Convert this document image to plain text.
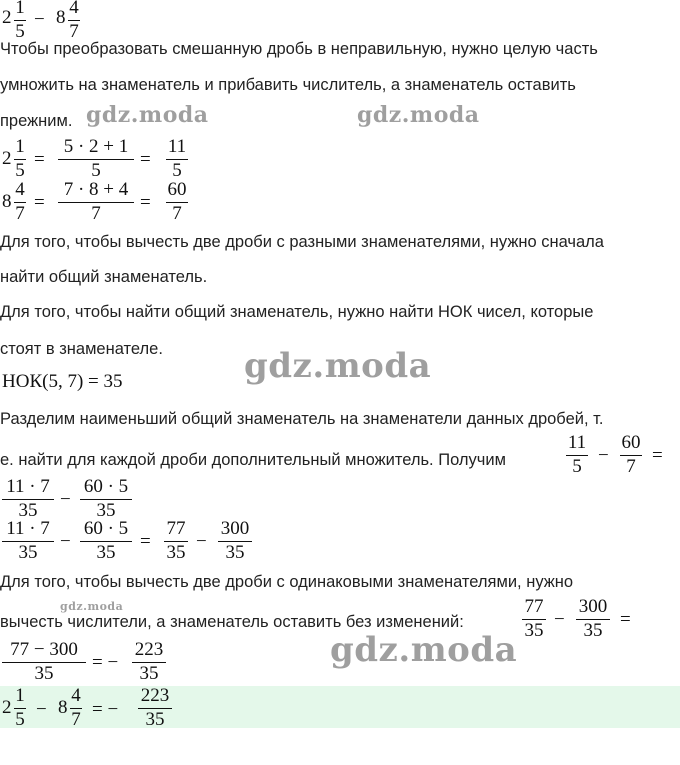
2 1
5
− 8 4
7
Чтобы преобразовать смешанную дробь в неправильную, нужно целую часть
умножить на знаменатель и прибавить числитель, а знаменатель оставить
прежним.
2
1
5
=
5 · 2 + 1
5
=
11
5
8
4
7
=
7 · 8 + 4
7
=
60
7
Для того, чтобы вычесть две дроби с разными знаменателями, нужно сначала
найти общий знаменатель.
Для того, чтобы найти общий знаменатель, нужно найти НОК чисел, которые
стоят в знаменателе.
НОК(5, 7) = 35
Разделим наименьший общий знаменатель на знаменатели данных дробей, т.
е. найти для каждой дроби дополнительный множитель. Получим
11
5
−
60
7
=
11 · 7
35
−
60 · 5
35
11 · 7
35
−
60 · 5
35
=
77
35
−
300
35
Для того, чтобы вычесть две дроби с одинаковыми знаменателями, нужно
вычесть числители, а знаменатель оставить без изменений:
77
35
−
300
35
=
77 − 300
35
= −
223
35
2
1
5 − 8
4
7 = −
223
35
gdz.moda	gdz.moda
gdz.moda
gdz.moda
gdz.moda
